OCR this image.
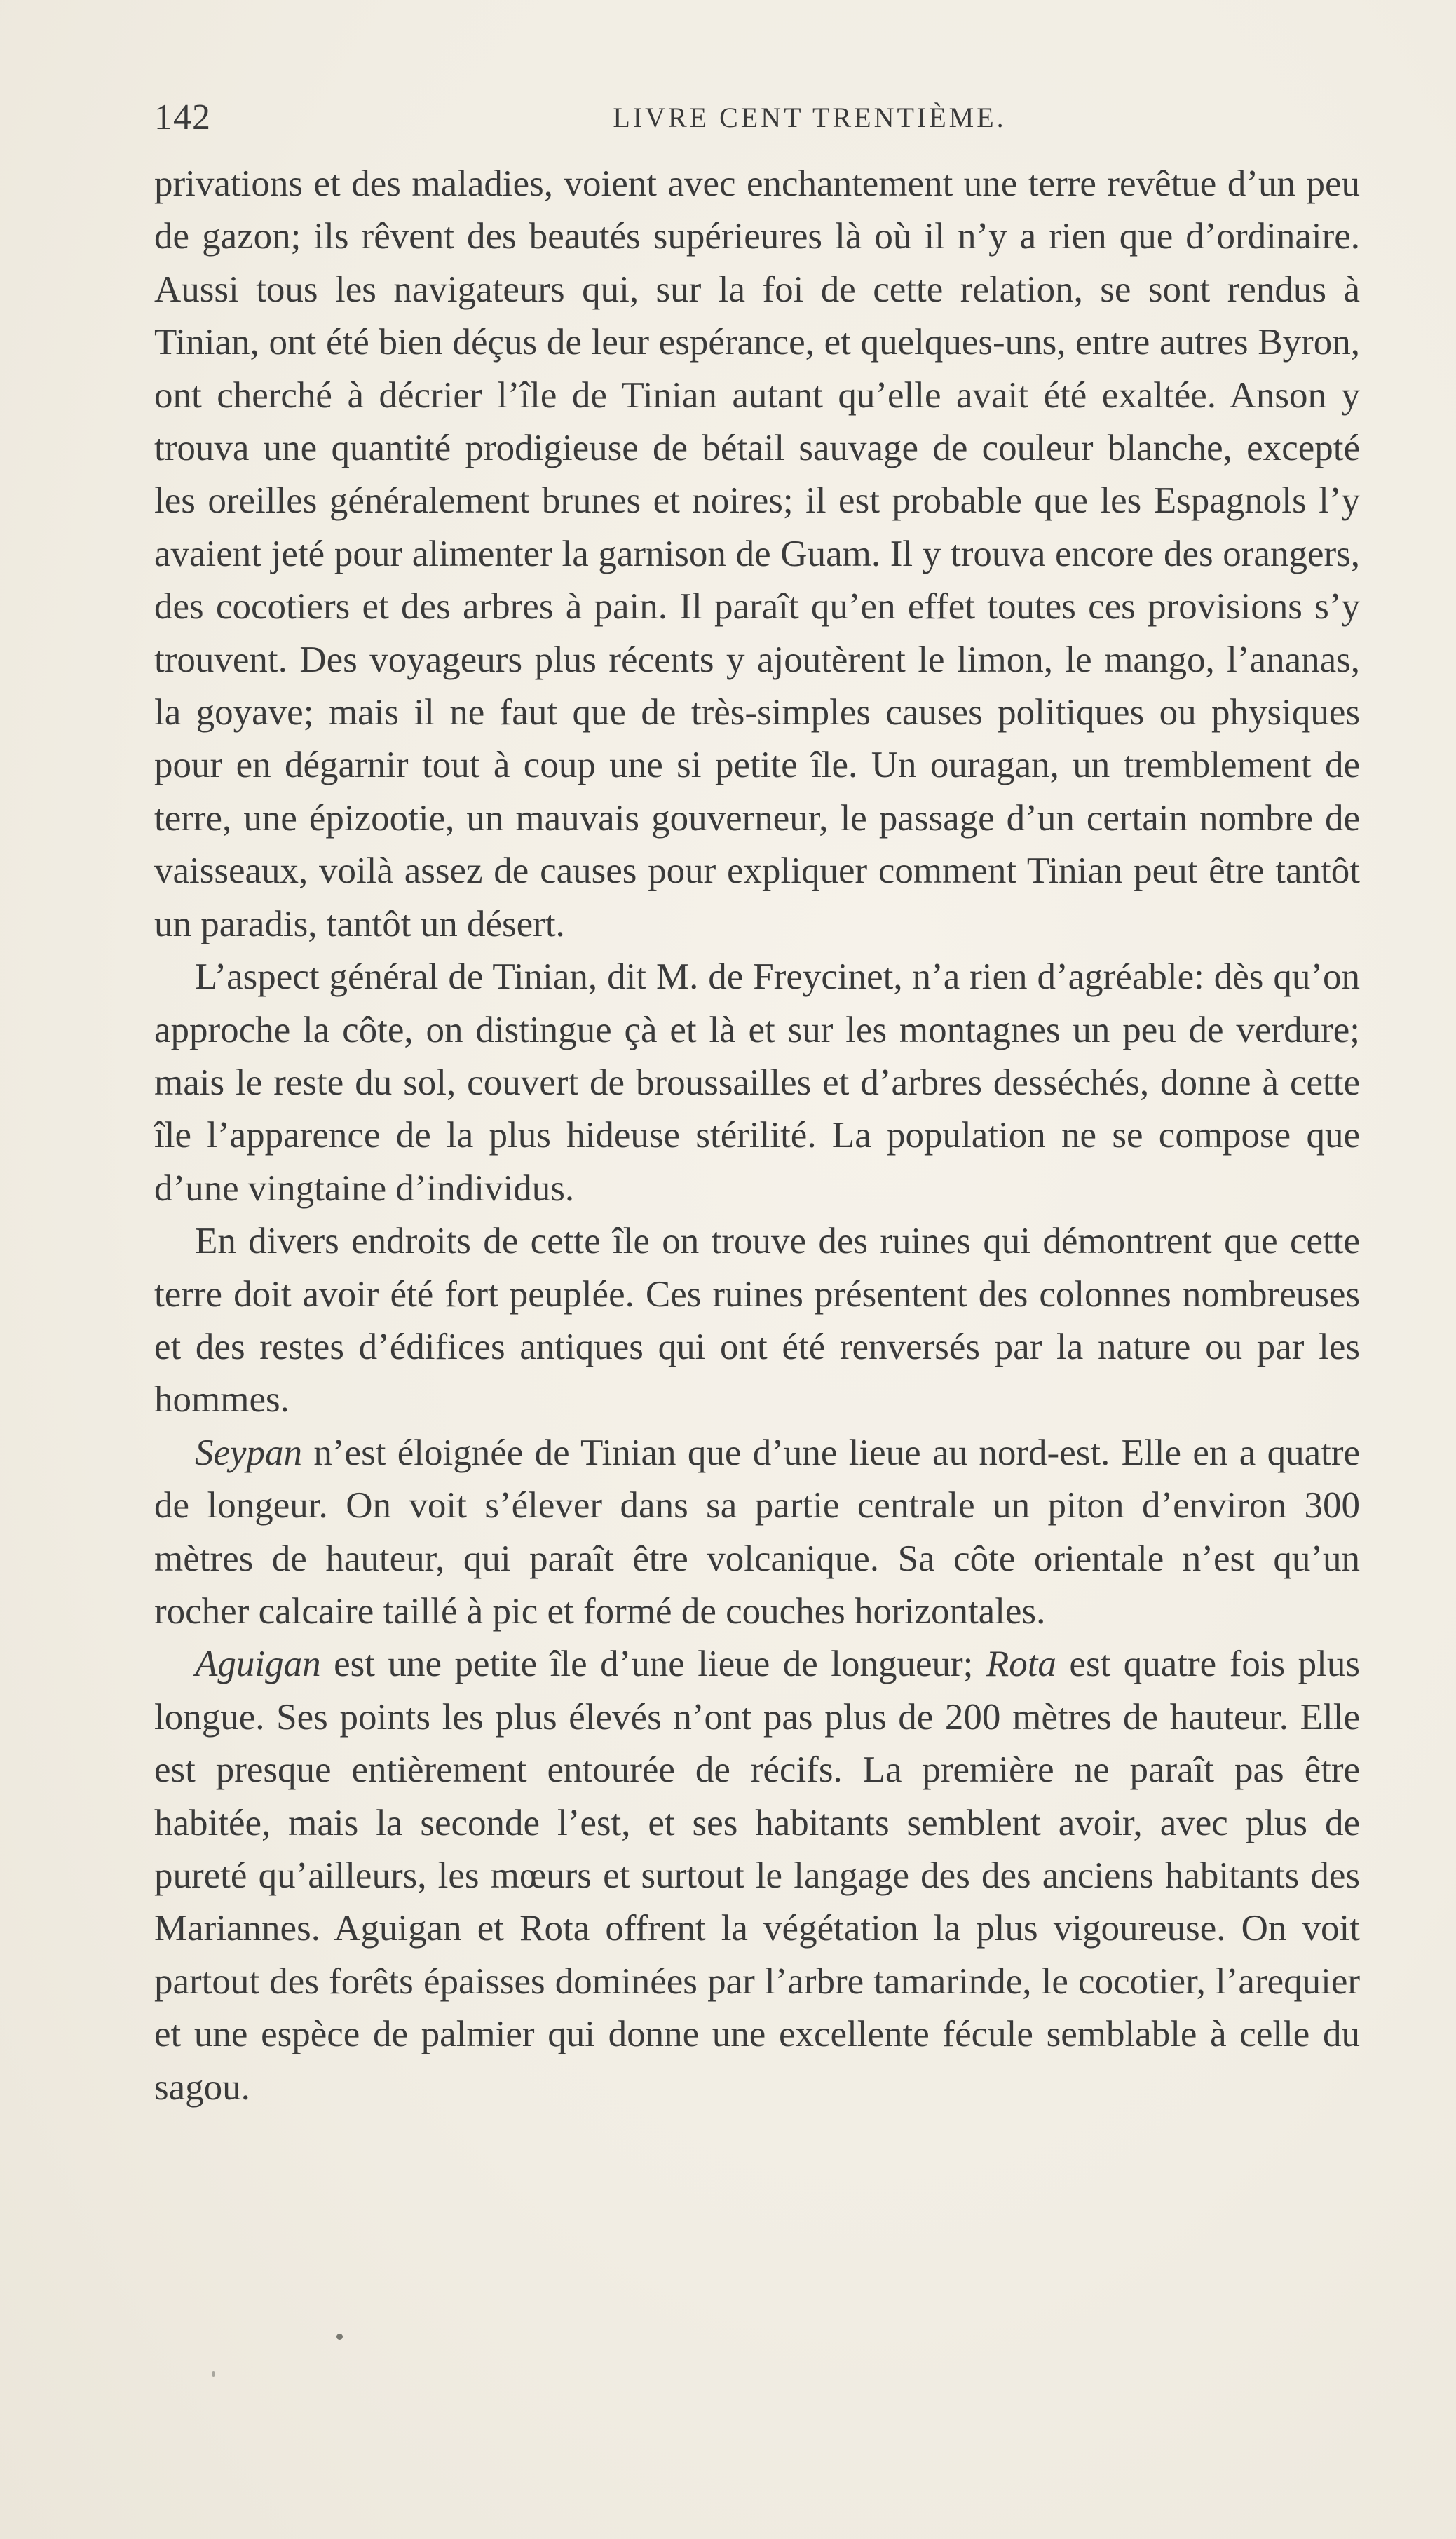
142	LIVRE CENT TRENTIÈME.

privations et des maladies, voient avec enchantement une terre revêtue d’un peu de gazon; ils rêvent des beautés supérieures là où il n’y a rien que d’ordinaire. Aussi tous les navigateurs qui, sur la foi de cette relation, se sont rendus à Tinian, ont été bien déçus de leur espérance, et quelques-uns, entre autres Byron, ont cherché à décrier l’île de Tinian autant qu’elle avait été exaltée. Anson y trouva une quantité prodigieuse de bétail sauvage de couleur blanche, excepté les oreilles généralement brunes et noires; il est probable que les Espagnols l’y avaient jeté pour alimenter la garnison de Guam. Il y trouva encore des orangers, des cocotiers et des arbres à pain. Il paraît qu’en effet toutes ces provisions s’y trouvent. Des voyageurs plus récents y ajoutèrent le limon, le mango, l’ananas, la goyave; mais il ne faut que de très-simples causes politiques ou physiques pour en dégarnir tout à coup une si petite île. Un ouragan, un tremblement de terre, une épizootie, un mauvais gouverneur, le passage d’un certain nombre de vaisseaux, voilà assez de causes pour expliquer comment Tinian peut être tantôt un paradis, tantôt un désert.

L’aspect général de Tinian, dit M. de Freycinet, n’a rien d’agréable: dès qu’on approche la côte, on distingue çà et là et sur les montagnes un peu de verdure; mais le reste du sol, couvert de broussailles et d’arbres desséchés, donne à cette île l’apparence de la plus hideuse stérilité. La population ne se compose que d’une vingtaine d’individus.

En divers endroits de cette île on trouve des ruines qui démontrent que cette terre doit avoir été fort peuplée. Ces ruines présentent des colonnes nombreuses et des restes d’édifices antiques qui ont été renversés par la nature ou par les hommes.

Seypan n’est éloignée de Tinian que d’une lieue au nord-est. Elle en a quatre de longeur. On voit s’élever dans sa partie centrale un piton d’environ 300 mètres de hauteur, qui paraît être volcanique. Sa côte orientale n’est qu’un rocher calcaire taillé à pic et formé de couches horizontales.

Aguigan est une petite île d’une lieue de longueur; Rota est quatre fois plus longue. Ses points les plus élevés n’ont pas plus de 200 mètres de hauteur. Elle est presque entièrement entourée de récifs. La première ne paraît pas être habitée, mais la seconde l’est, et ses habitants semblent avoir, avec plus de pureté qu’ailleurs, les mœurs et surtout le langage des des anciens habitants des Mariannes. Aguigan et Rota offrent la végétation la plus vigoureuse. On voit partout des forêts épaisses dominées par l’arbre tamarinde, le cocotier, l’arequier et une espèce de palmier qui donne une excellente fécule semblable à celle du sagou.
